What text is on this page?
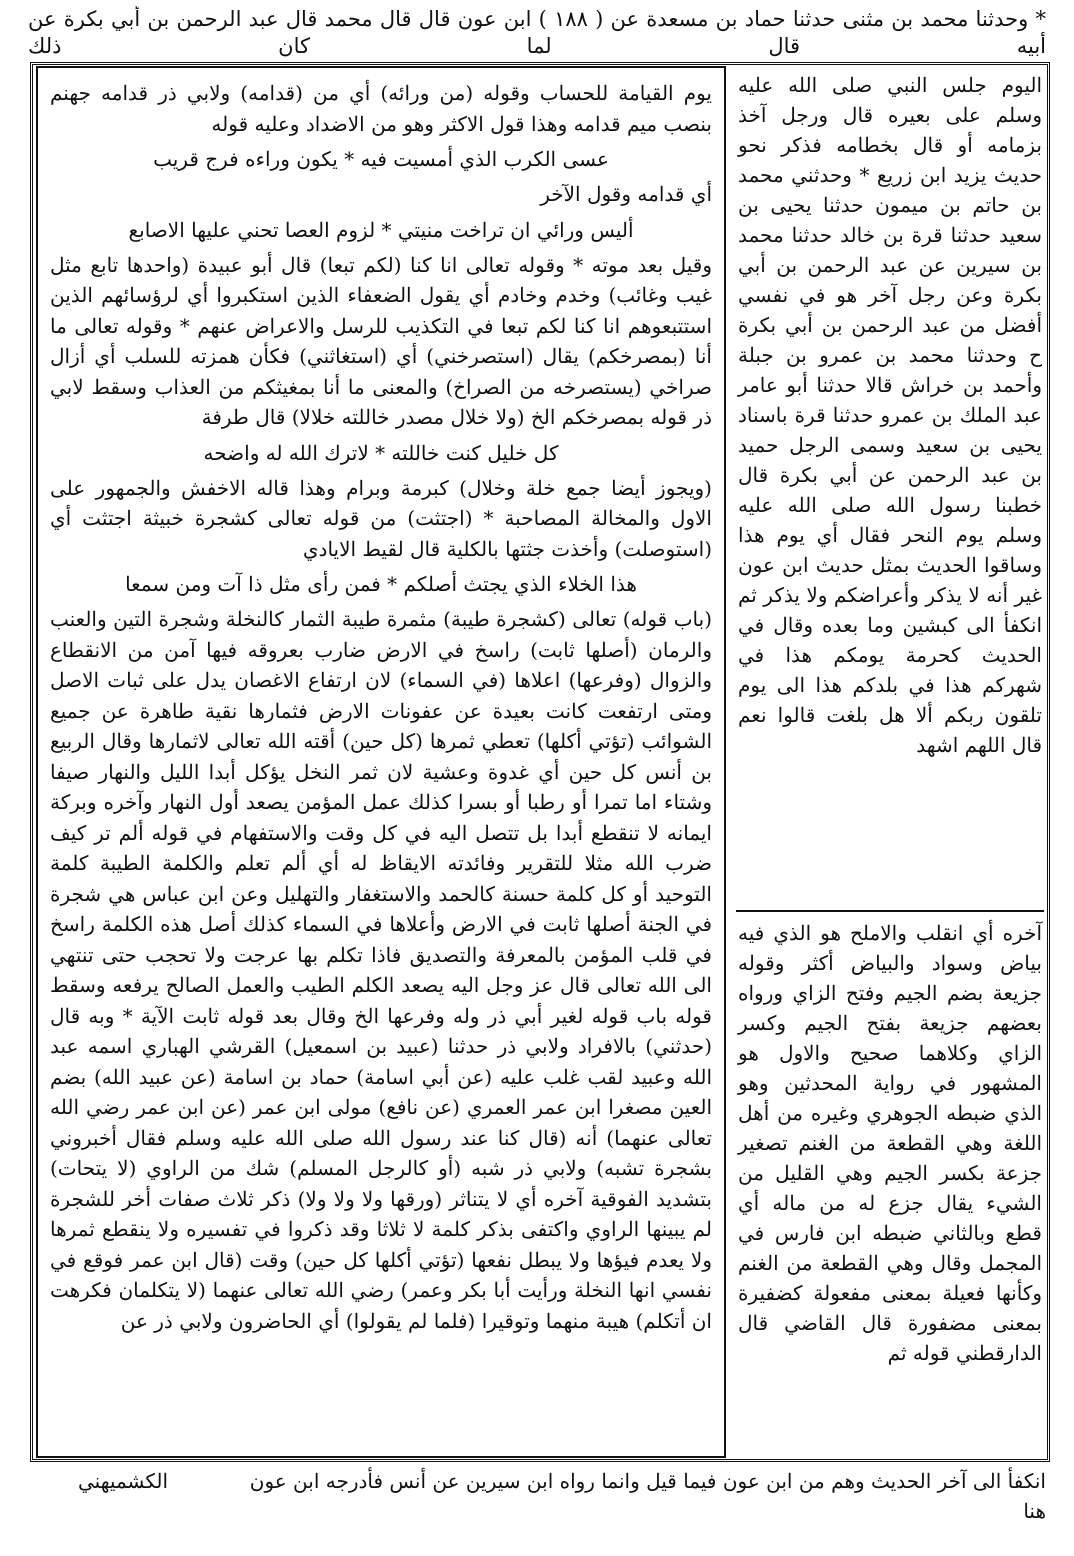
* وحدثنا محمد بن مثنى حدثنا حماد بن مسعدة عن ( ١٨٨ ) ابن عون قال قال محمد قال عبد الرحمن بن أبي بكرة عن أبيه قال لما كان ذلك

يوم القيامة للحساب وقوله (من ورائه) أي من (قدامه) ولابي ذر قدامه جهنم بنصب ميم قدامه وهذا قول الاكثر وهو من الاضداد وعليه قوله

عسى الكرب الذي أمسيت فيه * يكون وراءه فرج قريب

أي قدامه وقول الآخر

أليس ورائي ان تراخت منيتي * لزوم العصا تحني عليها الاصابع

وقيل بعد موته * وقوله تعالى انا كنا (لكم تبعا) قال أبو عبيدة (واحدها تابع مثل غيب وغائب) وخدم وخادم أي يقول الضعفاء الذين استكبروا أي لرؤسائهم الذين استتبعوهم انا كنا لكم تبعا في التكذيب للرسل والاعراض عنهم * وقوله تعالى ما أنا (بمصرخكم) يقال (استصرخني) أي (استغاثني) فكأن همزته للسلب أي أزال صراخي (يستصرخه من الصراخ) والمعنى ما أنا بمغيثكم من العذاب وسقط لابي ذر قوله بمصرخكم الخ (ولا خلال مصدر خاللته خلالا) قال طرفة

كل خليل كنت خاللته * لاترك الله له واضحه

(ويجوز أيضا جمع خلة وخلال) كبرمة وبرام وهذا قاله الاخفش والجمهور على الاول والمخالة المصاحبة * (اجتثت) من قوله تعالى كشجرة خبيثة اجتثت أي (استوصلت) وأخذت جثتها بالكلية قال لقيط الايادي

هذا الخلاء الذي يجتث أصلكم * فمن رأى مثل ذا آت ومن سمعا

(باب قوله) تعالى (كشجرة طيبة) مثمرة طيبة الثمار كالنخلة وشجرة التين والعنب والرمان (أصلها ثابت) راسخ في الارض ضارب بعروقه فيها آمن من الانقطاع والزوال (وفرعها) اعلاها (في السماء) لان ارتفاع الاغصان يدل على ثبات الاصل ومتى ارتفعت كانت بعيدة عن عفونات الارض فثمارها نقية طاهرة عن جميع الشوائب (تؤتي أكلها) تعطي ثمرها (كل حين) أقته الله تعالى لاثمارها وقال الربيع بن أنس كل حين أي غدوة وعشية لان ثمر النخل يؤكل أبدا الليل والنهار صيفا وشتاء اما تمرا أو رطبا أو بسرا كذلك عمل المؤمن يصعد أول النهار وآخره وبركة ايمانه لا تنقطع أبدا بل تتصل اليه في كل وقت والاستفهام في قوله ألم تر كيف ضرب الله مثلا للتقرير وفائدته الايقاظ له أي ألم تعلم والكلمة الطيبة كلمة التوحيد أو كل كلمة حسنة كالحمد والاستغفار والتهليل وعن ابن عباس هي شجرة في الجنة أصلها ثابت في الارض وأعلاها في السماء كذلك أصل هذه الكلمة راسخ في قلب المؤمن بالمعرفة والتصديق فاذا تكلم بها عرجت ولا تحجب حتى تنتهي الى الله تعالى قال عز وجل اليه يصعد الكلم الطيب والعمل الصالح يرفعه وسقط قوله باب قوله لغير أبي ذر وله وفرعها الخ وقال بعد قوله ثابت الآية * وبه قال (حدثني) بالافراد ولابي ذر حدثنا (عبيد بن اسمعيل) القرشي الهباري اسمه عبد الله وعبيد لقب غلب عليه (عن أبي اسامة) حماد بن اسامة (عن عبيد الله) بضم العين مصغرا ابن عمر العمري (عن نافع) مولى ابن عمر (عن ابن عمر رضي الله تعالى عنهما) أنه (قال كنا عند رسول الله صلى الله عليه وسلم فقال أخبروني بشجرة تشبه) ولابي ذر شبه (أو كالرجل المسلم) شك من الراوي (لا يتحات) بتشديد الفوقية آخره أي لا يتناثر (ورقها ولا ولا ولا) ذكر ثلاث صفات أخر للشجرة لم يبينها الراوي واكتفى بذكر كلمة لا ثلاثا وقد ذكروا في تفسيره ولا ينقطع ثمرها ولا يعدم فيؤها ولا يبطل نفعها (تؤتي أكلها كل حين) وقت (قال ابن عمر فوقع في نفسي انها النخلة ورأيت أبا بكر وعمر) رضي الله تعالى عنهما (لا يتكلمان فكرهت ان أتكلم) هيبة منهما وتوقيرا (فلما لم يقولوا) أي الحاضرون ولابي ذر عن

اليوم جلس النبي صلى الله عليه وسلم على بعيره قال ورجل آخذ بزمامه أو قال بخطامه فذكر نحو حديث يزيد ابن زريع * وحدثني محمد بن حاتم بن ميمون حدثنا يحيى بن سعيد حدثنا قرة بن خالد حدثنا محمد بن سيرين عن عبد الرحمن بن أبي بكرة وعن رجل آخر هو في نفسي أفضل من عبد الرحمن بن أبي بكرة ح وحدثنا محمد بن عمرو بن جبلة وأحمد بن خراش قالا حدثنا أبو عامر عبد الملك بن عمرو حدثنا قرة باسناد يحيى بن سعيد وسمى الرجل حميد بن عبد الرحمن عن أبي بكرة قال خطبنا رسول الله صلى الله عليه وسلم يوم النحر فقال أي يوم هذا وساقوا الحديث بمثل حديث ابن عون غير أنه لا يذكر وأعراضكم ولا يذكر ثم انكفأ الى كبشين وما بعده وقال في الحديث كحرمة يومكم هذا في شهركم هذا في بلدكم هذا الى يوم تلقون ربكم ألا هل بلغت قالوا نعم قال اللهم اشهد

آخره أي انقلب والاملح هو الذي فيه بياض وسواد والبياض أكثر وقوله جزيعة بضم الجيم وفتح الزاي ورواه بعضهم جزيعة بفتح الجيم وكسر الزاي وكلاهما صحيح والاول هو المشهور في رواية المحدثين وهو الذي ضبطه الجوهري وغيره من أهل اللغة وهي القطعة من الغنم تصغير جزعة بكسر الجيم وهي القليل من الشيء يقال جزع له من ماله أي قطع وبالثاني ضبطه ابن فارس في المجمل وقال وهي القطعة من الغنم وكأنها فعيلة بمعنى مفعولة كضفيرة بمعنى مضفورة قال القاضي قال الدارقطني قوله ثم

انكفأ الى آخر الحديث وهم من ابن عون فيما قيل وانما رواه ابن سيرين عن أنس فأدرجه ابن عون هنا
الكشميهني
